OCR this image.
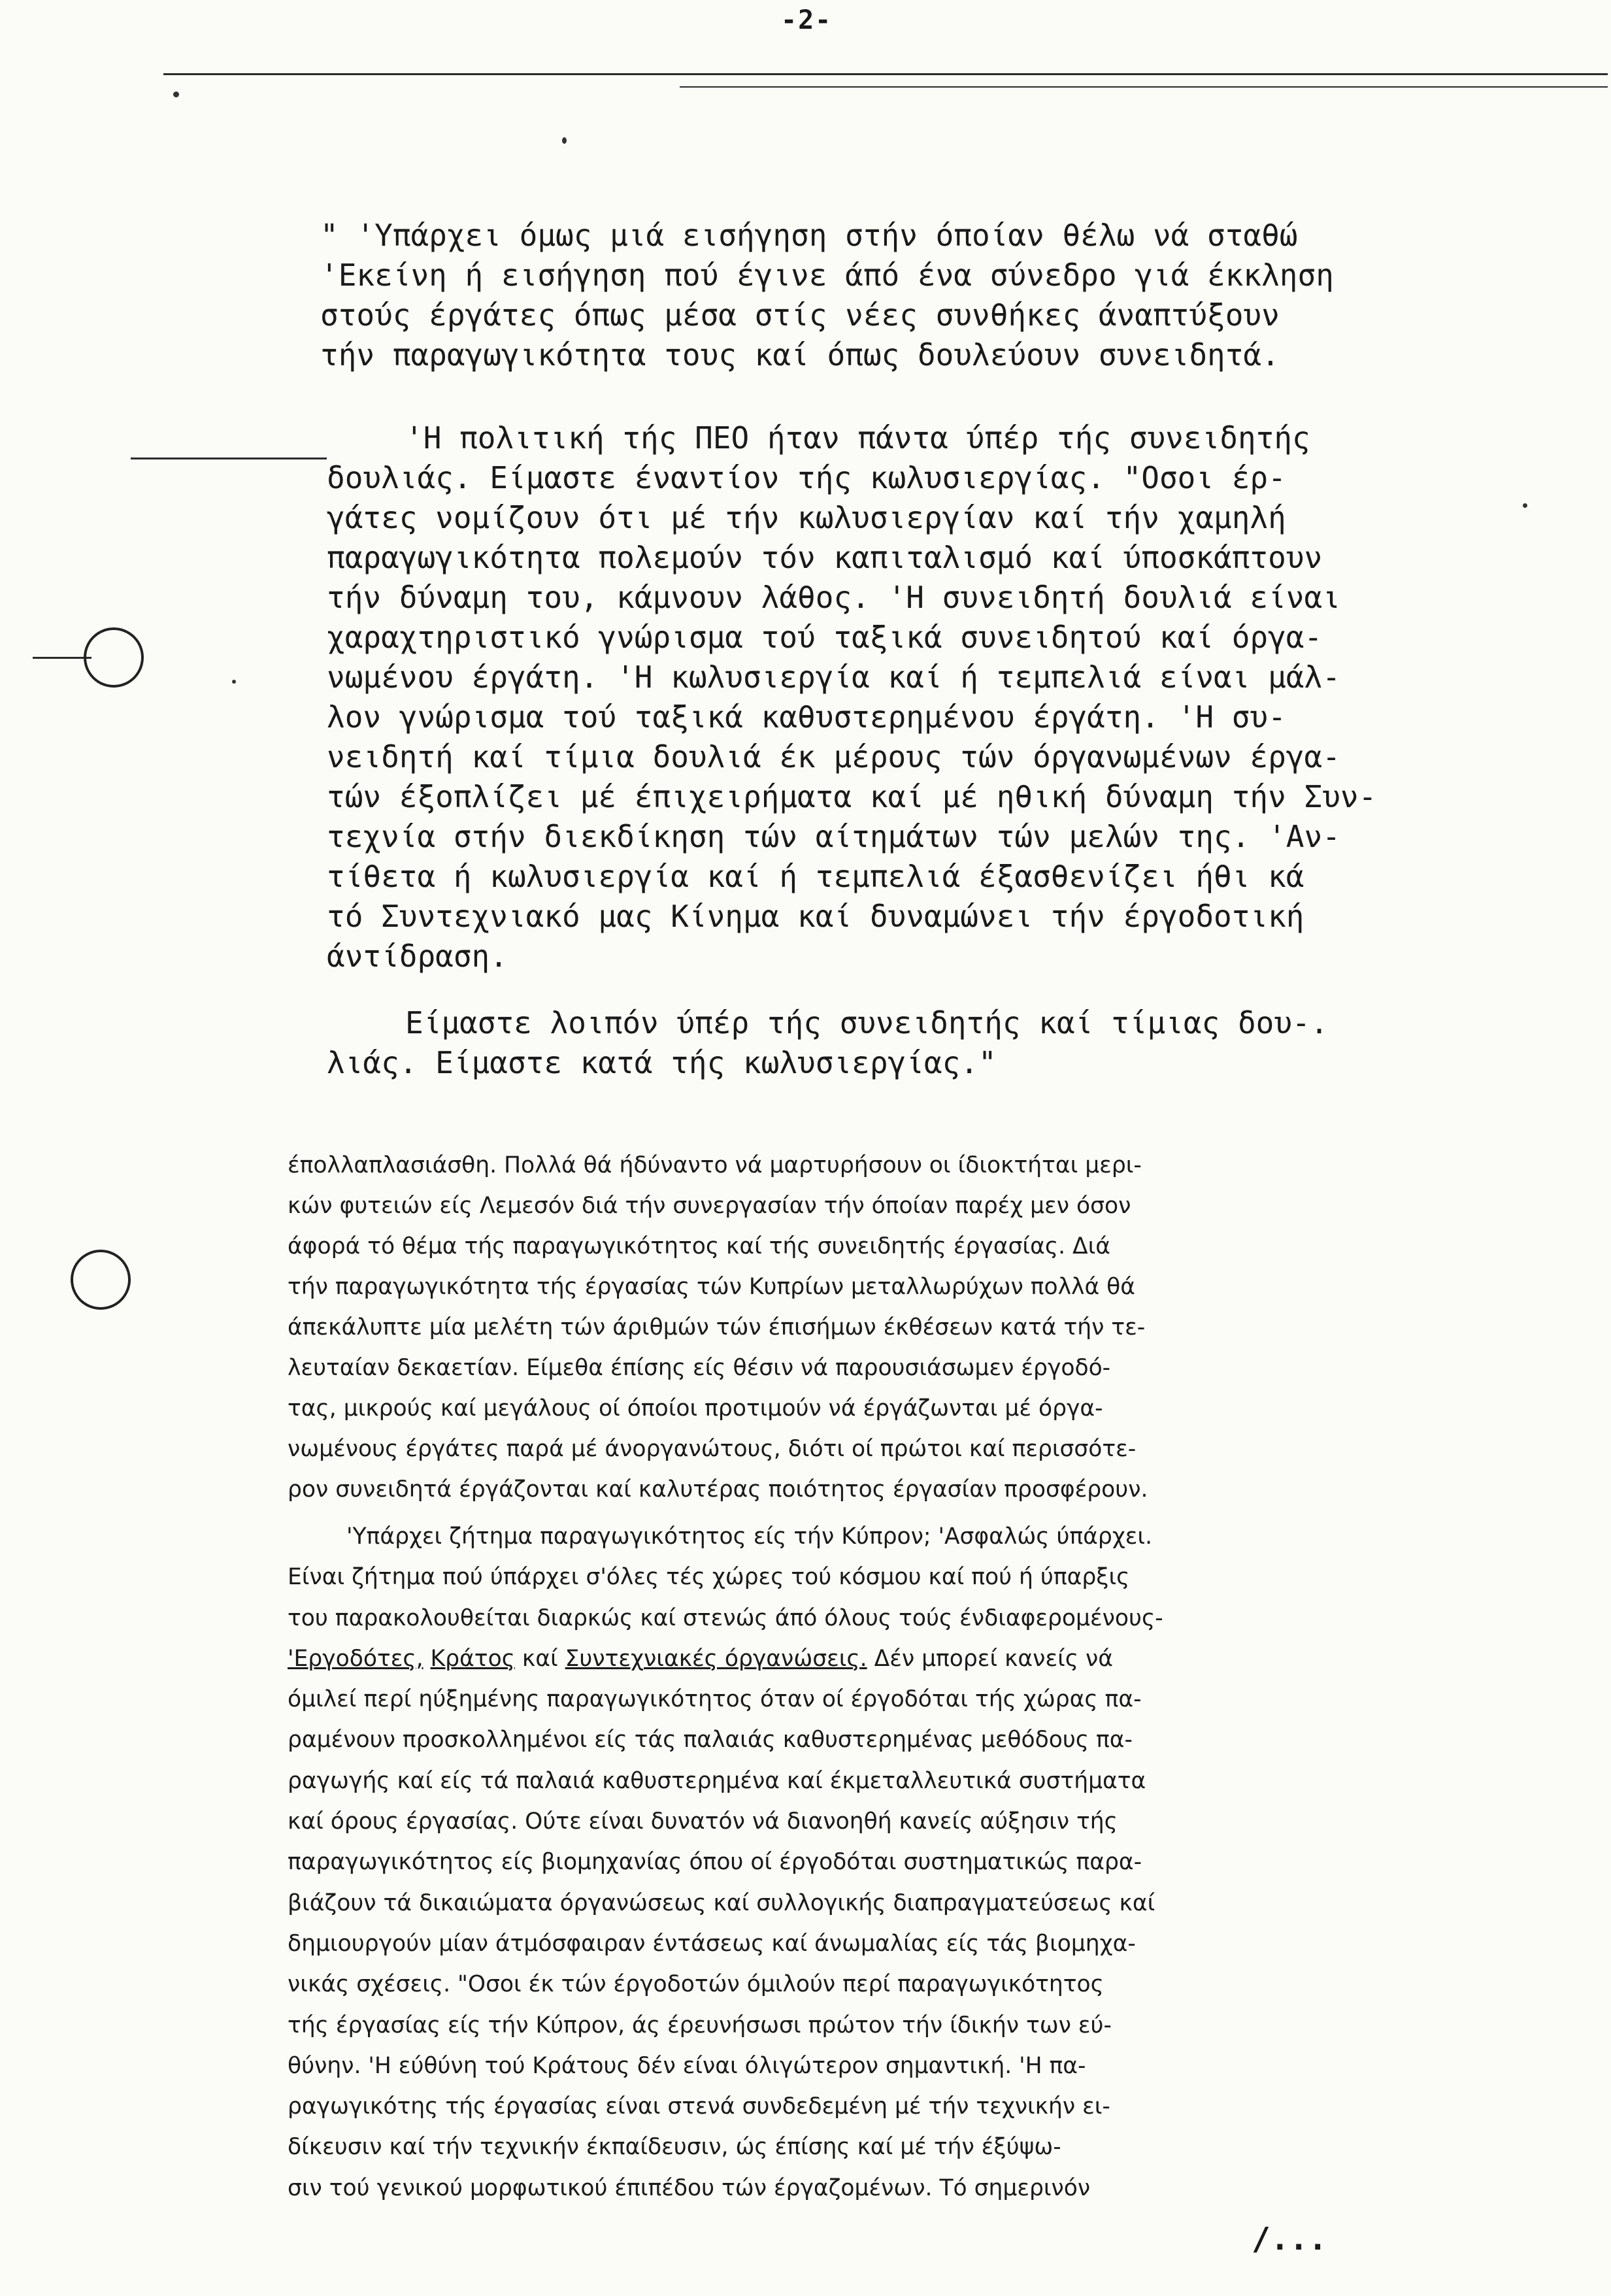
-2-

" 'Υπάρχει όμως μιά εισήγηση στήν όποίαν θέλω νά σταθώ

'Εκείνη ή εισήγηση πού έγινε άπό ένα σύνεδρο γιά έκκληση

στούς έργάτες όπως μέσα στίς νέες συνθήκες άναπτύξουν

τήν παραγωγικότητα τους καί όπως δουλεύουν συνειδητά.

'Η πολιτική τής ΠΕΟ ήταν πάντα ύπέρ τής συνειδητής

δουλιάς. Είμαστε έναντίον τής κωλυσιεργίας. "Οσοι έρ-

γάτες νομίζουν ότι μέ τήν κωλυσιεργίαν καί τήν χαμηλή

παραγωγικότητα πολεμούν τόν καπιταλισμό καί ύποσκάπτουν

τήν δύναμη του, κάμνουν λάθος. 'Η συνειδητή δουλιά είναι

χαραχτηριστικό γνώρισμα τού ταξικά συνειδητού καί όργα-

νωμένου έργάτη. 'Η κωλυσιεργία καί ή τεμπελιά είναι μάλ-

λον γνώρισμα τού ταξικά καθυστερημένου έργάτη. 'Η συ-

νειδητή καί τίμια δουλιά έκ μέρους τών όργανωμένων έργα-

τών έξοπλίζει μέ έπιχειρήματα καί μέ ηθική δύναμη τήν Συν-

τεχνία στήν διεκδίκηση τών αίτημάτων τών μελών της. 'Αν-

τίθετα ή κωλυσιεργία καί ή τεμπελιά έξασθενίζει ήθι κά

τό Συντεχνιακό μας Κίνημα καί δυναμώνει τήν έργοδοτική

άντίδραση.

Είμαστε λοιπόν ύπέρ τής συνειδητής καί τίμιας δου-.

λιάς. Είμαστε κατά τής κωλυσιεργίας."

έπολλαπλασιάσθη. Πολλά θά ήδύναντο νά μαρτυρήσουν οι ίδιοκτήται μερι-

κών φυτειών είς Λεμεσόν διά τήν συνεργασίαν τήν όποίαν παρέχ μεν όσον

άφορά τό θέμα τής παραγωγικότητος καί τής συνειδητής έργασίας. Διά

τήν παραγωγικότητα τής έργασίας τών Κυπρίων μεταλλωρύχων πολλά θά

άπεκάλυπτε μία μελέτη τών άριθμών τών έπισήμων έκθέσεων κατά τήν τε-

λευταίαν δεκαετίαν. Είμεθα έπίσης είς θέσιν νά παρουσιάσωμεν έργοδό-

τας, μικρούς καί μεγάλους οί όποίοι προτιμούν νά έργάζωνται μέ όργα-

νωμένους έργάτες παρά μέ άνοργανώτους, διότι οί πρώτοι καί περισσότε-

ρον συνειδητά έργάζονται καί καλυτέρας ποιότητος έργασίαν προσφέρουν.

'Υπάρχει ζήτημα παραγωγικότητος είς τήν Κύπρον; 'Ασφαλώς ύπάρχει.

Είναι ζήτημα πού ύπάρχει σ'όλες τές χώρες τού κόσμου καί πού ή ύπαρξις

του παρακολουθείται διαρκώς καί στενώς άπό όλους τούς ένδιαφερομένους-

'Εργοδότες, Κράτος καί Συντεχνιακές όργανώσεις. Δέν μπορεί κανείς νά

όμιλεί περί ηύξημένης παραγωγικότητος όταν οί έργοδόται τής χώρας πα-

ραμένουν προσκολλημένοι είς τάς παλαιάς καθυστερημένας μεθόδους πα-

ραγωγής καί είς τά παλαιά καθυστερημένα καί έκμεταλλευτικά συστήματα

καί όρους έργασίας. Ούτε είναι δυνατόν νά διανοηθή κανείς αύξησιν τής

παραγωγικότητος είς βιομηχανίας όπου οί έργοδόται συστηματικώς παρα-

βιάζουν τά δικαιώματα όργανώσεως καί συλλογικής διαπραγματεύσεως καί

δημιουργούν μίαν άτμόσφαιραν έντάσεως καί άνωμαλίας είς τάς βιομηχα-

νικάς σχέσεις. "Οσοι έκ τών έργοδοτών όμιλούν περί παραγωγικότητος

τής έργασίας είς τήν Κύπρον, άς έρευνήσωσι πρώτον τήν ίδικήν των εύ-

θύνην. 'Η εύθύνη τού Κράτους δέν είναι όλιγώτερον σημαντική. 'Η πα-

ραγωγικότης τής έργασίας είναι στενά συνδεδεμένη μέ τήν τεχνικήν ει-

δίκευσιν καί τήν τεχνικήν έκπαίδευσιν, ώς έπίσης καί μέ τήν έξύψω-

σιν τού γενικού μορφωτικού έπιπέδου τών έργαζομένων. Τό σημερινόν

/...
